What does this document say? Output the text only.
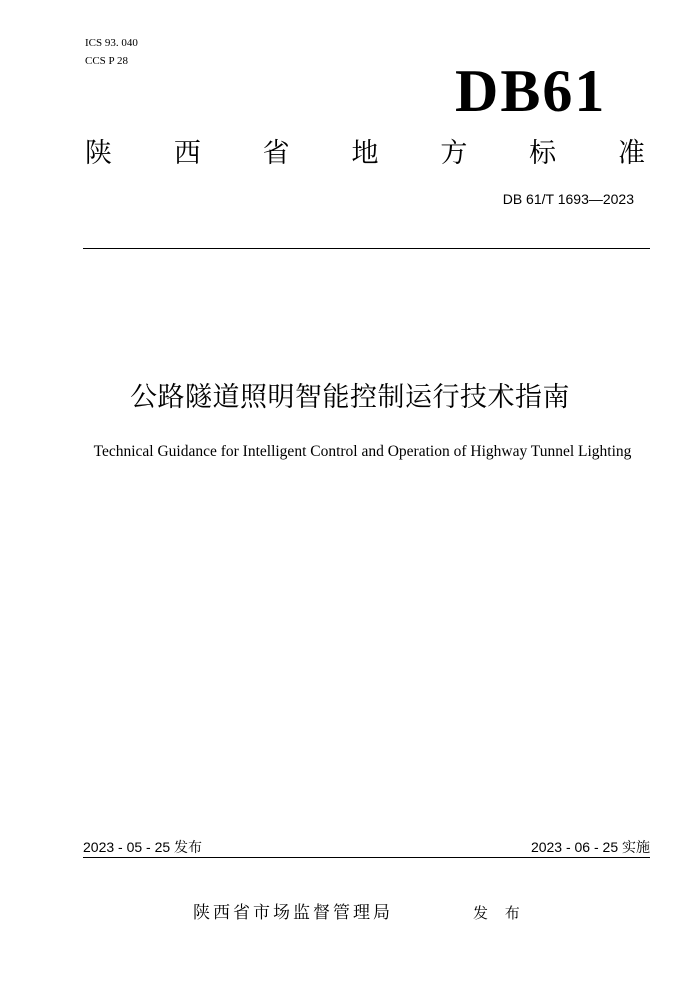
ICS 93. 040
CCS P 28	DB61
陕 西 省 地 方 标 准
DB 61/T 1693—2023
公路隧道照明智能控制运行技术指南
Technical Guidance for Intelligent Control and Operation of Highway Tunnel Lighting
2023 - 05 - 25 发布	2023 - 06 - 25 实施
陕西省市场监督管理局	发 布
